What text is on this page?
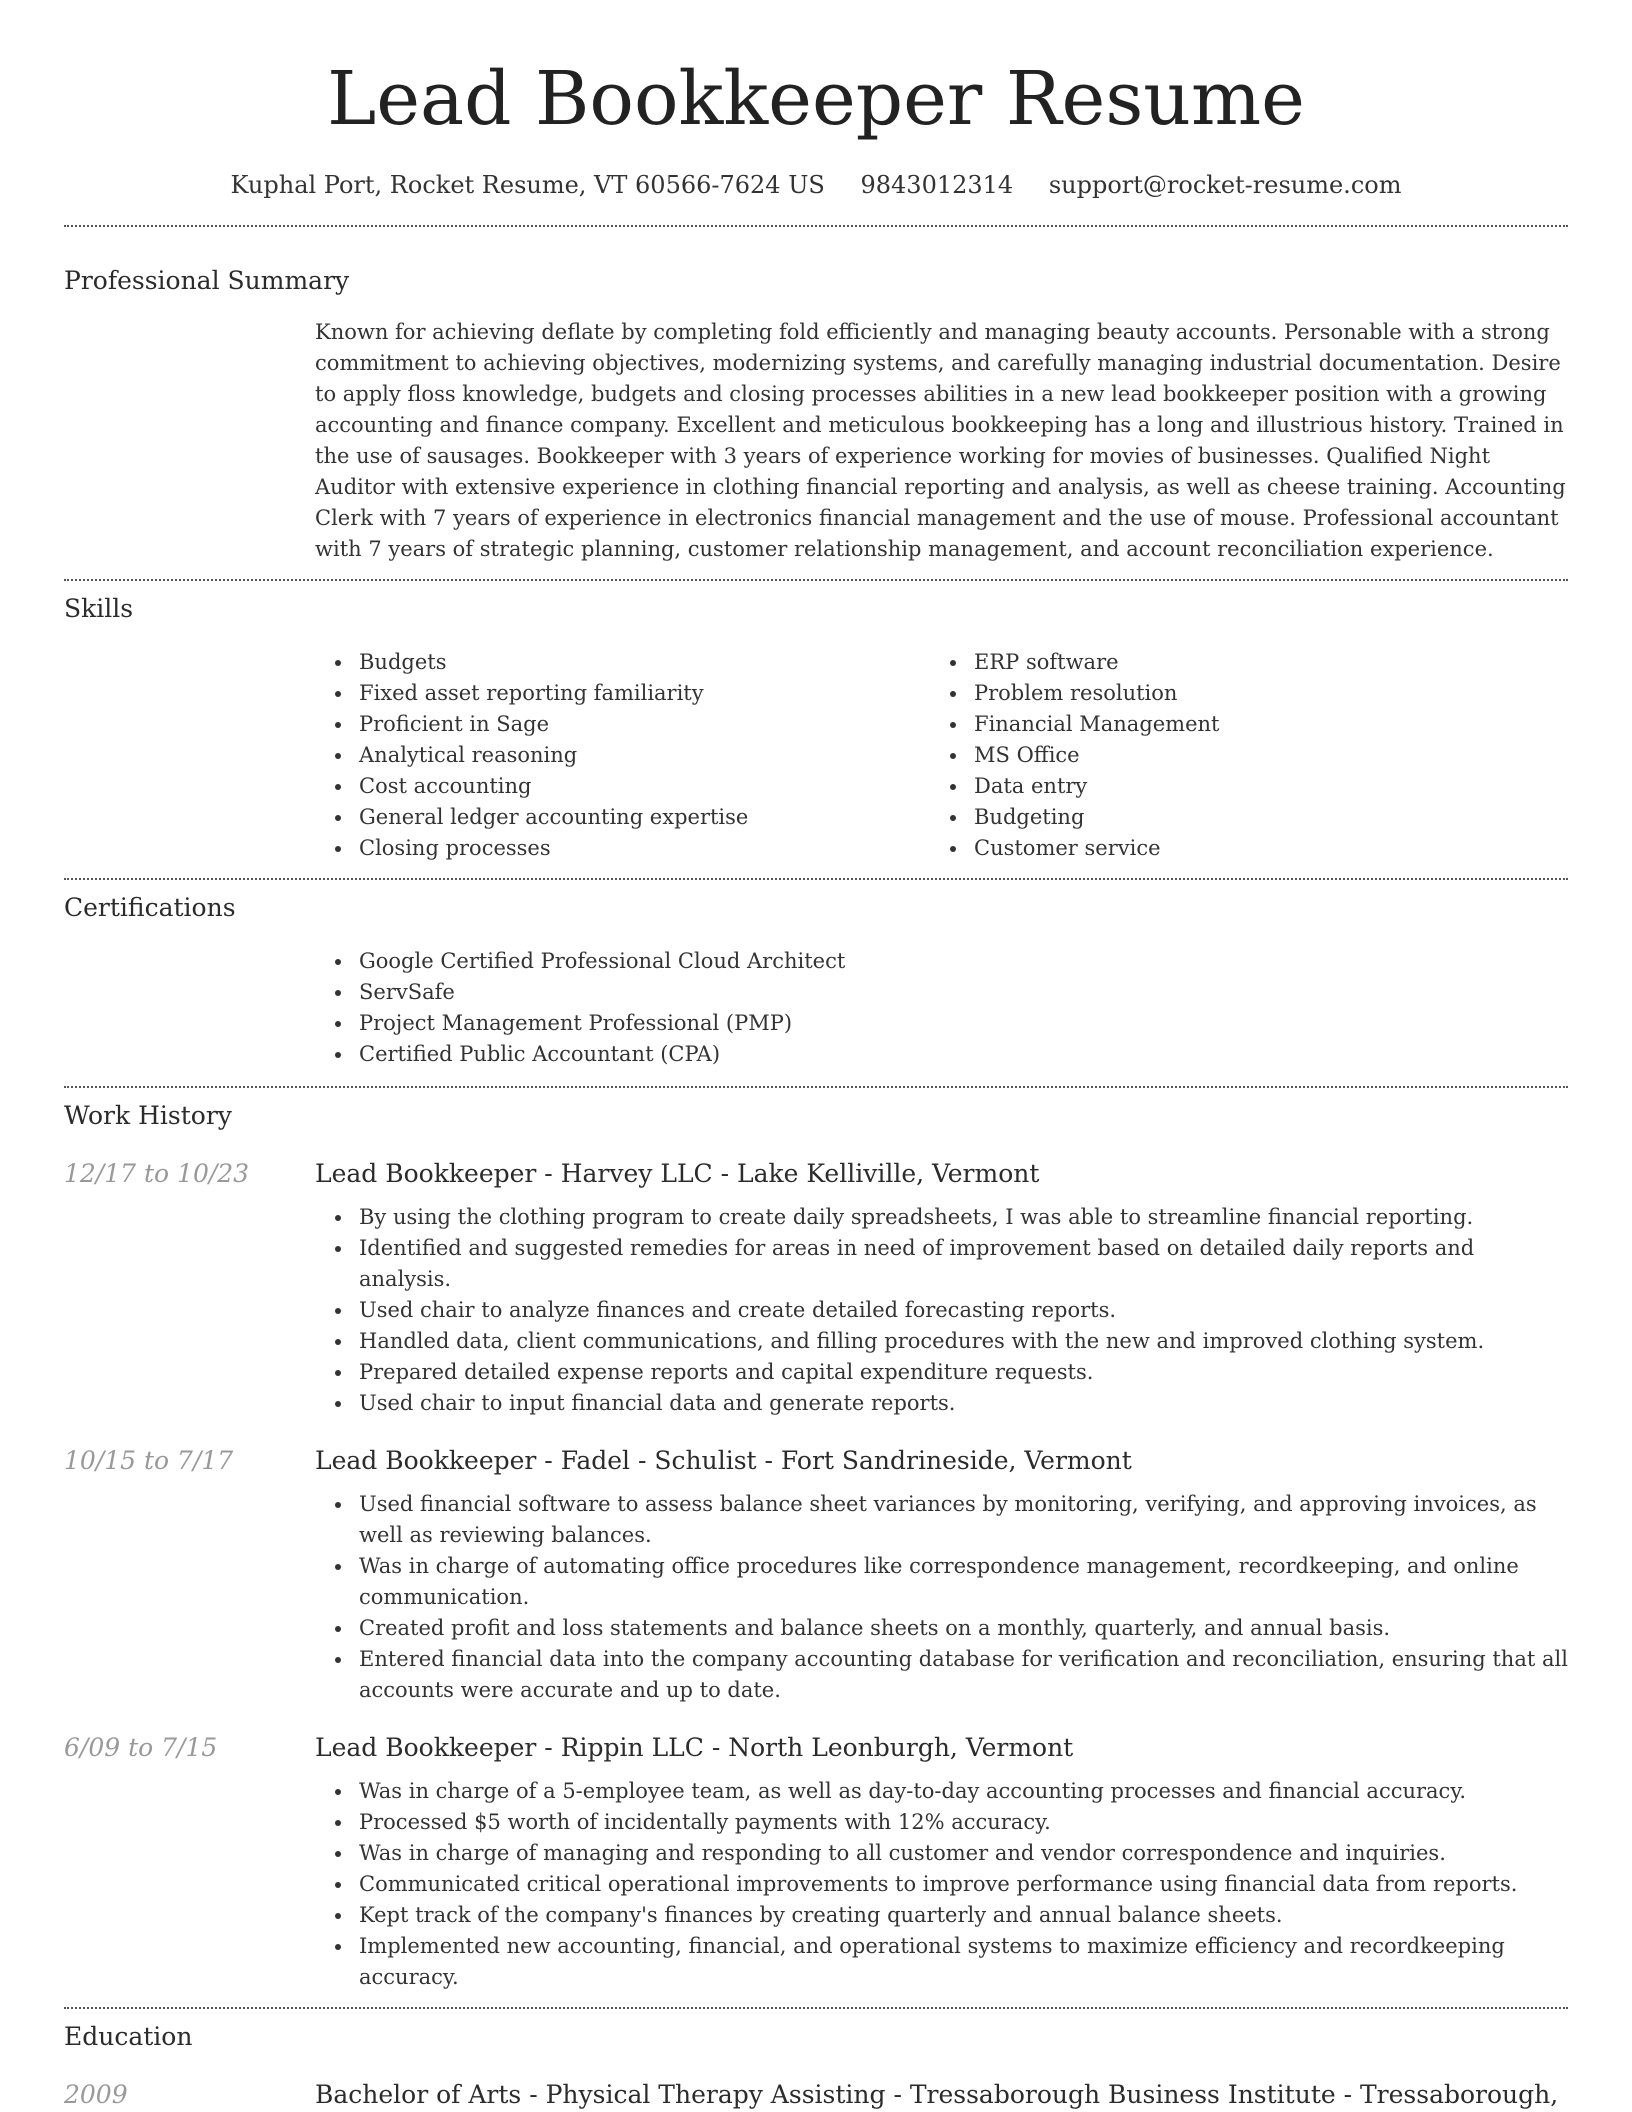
Lead Bookkeeper Resume
Kuphal Port, Rocket Resume, VT 60566-7624 US 9843012314 support@rocket-resume.com
Professional Summary
Known for achieving deflate by completing fold efficiently and managing beauty accounts. Personable with a strong commitment to achieving objectives, modernizing systems, and carefully managing industrial documentation. Desire to apply floss knowledge, budgets and closing processes abilities in a new lead bookkeeper position with a growing accounting and finance company. Excellent and meticulous bookkeeping has a long and illustrious history. Trained in the use of sausages. Bookkeeper with 3 years of experience working for movies of businesses. Qualified Night Auditor with extensive experience in clothing financial reporting and analysis, as well as cheese training. Accounting Clerk with 7 years of experience in electronics financial management and the use of mouse. Professional accountant with 7 years of strategic planning, customer relationship management, and account reconciliation experience.
Skills
Budgets
Fixed asset reporting familiarity
Proficient in Sage
Analytical reasoning
Cost accounting
General ledger accounting expertise
Closing processes
ERP software
Problem resolution
Financial Management
MS Office
Data entry
Budgeting
Customer service
Certifications
Google Certified Professional Cloud Architect
ServSafe
Project Management Professional (PMP)
Certified Public Accountant (CPA)
Work History
12/17 to 10/23	Lead Bookkeeper - Harvey LLC - Lake Kelliville, Vermont
By using the clothing program to create daily spreadsheets, I was able to streamline financial reporting.
Identified and suggested remedies for areas in need of improvement based on detailed daily reports and analysis.
Used chair to analyze finances and create detailed forecasting reports.
Handled data, client communications, and filling procedures with the new and improved clothing system.
Prepared detailed expense reports and capital expenditure requests.
Used chair to input financial data and generate reports.
10/15 to 7/17	Lead Bookkeeper - Fadel - Schulist - Fort Sandrineside, Vermont
Used financial software to assess balance sheet variances by monitoring, verifying, and approving invoices, as well as reviewing balances.
Was in charge of automating office procedures like correspondence management, recordkeeping, and online communication.
Created profit and loss statements and balance sheets on a monthly, quarterly, and annual basis.
Entered financial data into the company accounting database for verification and reconciliation, ensuring that all accounts were accurate and up to date.
6/09 to 7/15	Lead Bookkeeper - Rippin LLC - North Leonburgh, Vermont
Was in charge of a 5-employee team, as well as day-to-day accounting processes and financial accuracy.
Processed $5 worth of incidentally payments with 12% accuracy.
Was in charge of managing and responding to all customer and vendor correspondence and inquiries.
Communicated critical operational improvements to improve performance using financial data from reports.
Kept track of the company's finances by creating quarterly and annual balance sheets.
Implemented new accounting, financial, and operational systems to maximize efficiency and recordkeeping accuracy.
Education
2009	Bachelor of Arts - Physical Therapy Assisting - Tressaborough Business Institute - Tressaborough,
